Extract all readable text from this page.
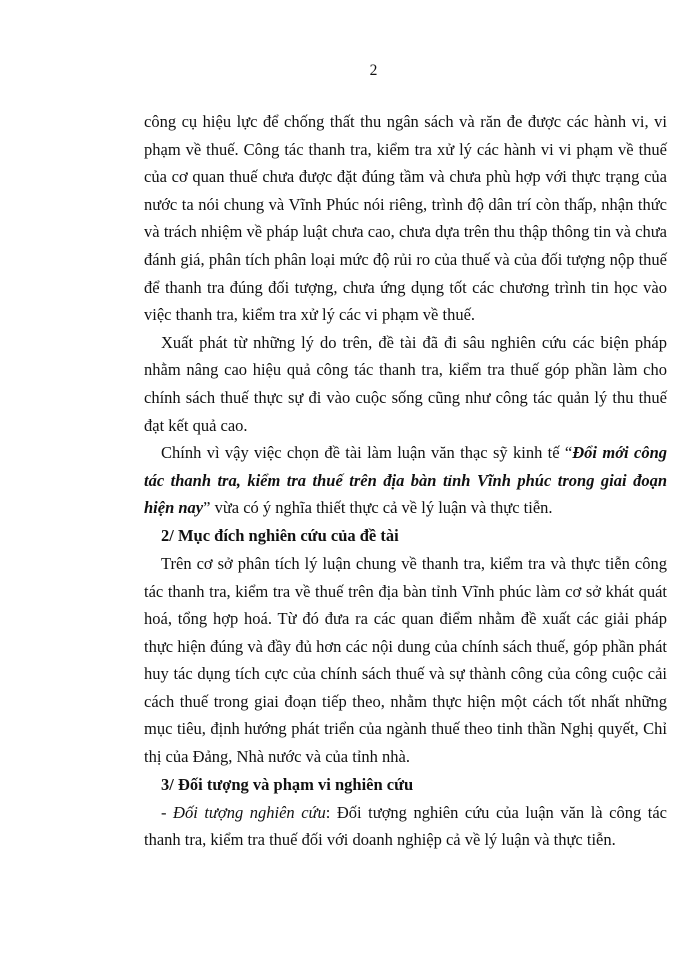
2

công cụ hiệu lực để chống thất thu ngân sách và răn đe được các hành vi, vi phạm về thuế. Công tác thanh tra, kiểm tra xử lý các hành vi vi phạm về thuế của cơ quan thuế chưa được đặt đúng tầm và chưa phù hợp với thực trạng của nước ta nói chung và Vĩnh Phúc nói riêng, trình độ dân trí còn thấp, nhận thức và trách nhiệm về pháp luật chưa cao, chưa dựa trên thu thập thông tin và chưa đánh giá, phân tích phân loại mức độ rủi ro của thuế và của đối tượng nộp thuế để thanh tra đúng đối tượng, chưa ứng dụng tốt các chương trình tin học vào việc thanh tra, kiểm tra xử lý các vi phạm về thuế.

Xuất phát từ những lý do trên, đề tài đã đi sâu nghiên cứu các biện pháp nhằm nâng cao hiệu quả công tác thanh tra, kiểm tra thuế góp phần làm cho chính sách thuế thực sự đi vào cuộc sống cũng như công tác quản lý thu thuế đạt kết quả cao.

Chính vì vậy việc chọn đề tài làm luận văn thạc sỹ kinh tế “Đổi mới công tác thanh tra, kiểm tra thuế trên địa bàn tỉnh Vĩnh phúc trong giai đoạn hiện nay” vừa có ý nghĩa thiết thực cả về lý luận và thực tiễn.

2/ Mục đích nghiên cứu của đề tài

Trên cơ sở phân tích lý luận chung về thanh tra, kiểm tra và thực tiễn công tác thanh tra, kiểm tra về thuế trên địa bàn tỉnh Vĩnh phúc làm cơ sở khát quát hoá, tổng hợp hoá. Từ đó đưa ra các quan điểm nhằm đề xuất các giải pháp thực hiện đúng và đầy đủ hơn các nội dung của chính sách thuế, góp phần phát huy tác dụng tích cực của chính sách thuế và sự thành công của công cuộc cải cách thuế trong giai đoạn tiếp theo, nhằm thực hiện một cách tốt nhất những mục tiêu, định hướng phát triển của ngành thuế theo tinh thần Nghị quyết, Chỉ thị của Đảng, Nhà nước và của tỉnh nhà.

3/ Đối tượng và phạm vi nghiên cứu

- Đối tượng nghiên cứu: Đối tượng nghiên cứu của luận văn là công tác thanh tra, kiểm tra thuế đối với doanh nghiệp cả về lý luận và thực tiễn.
